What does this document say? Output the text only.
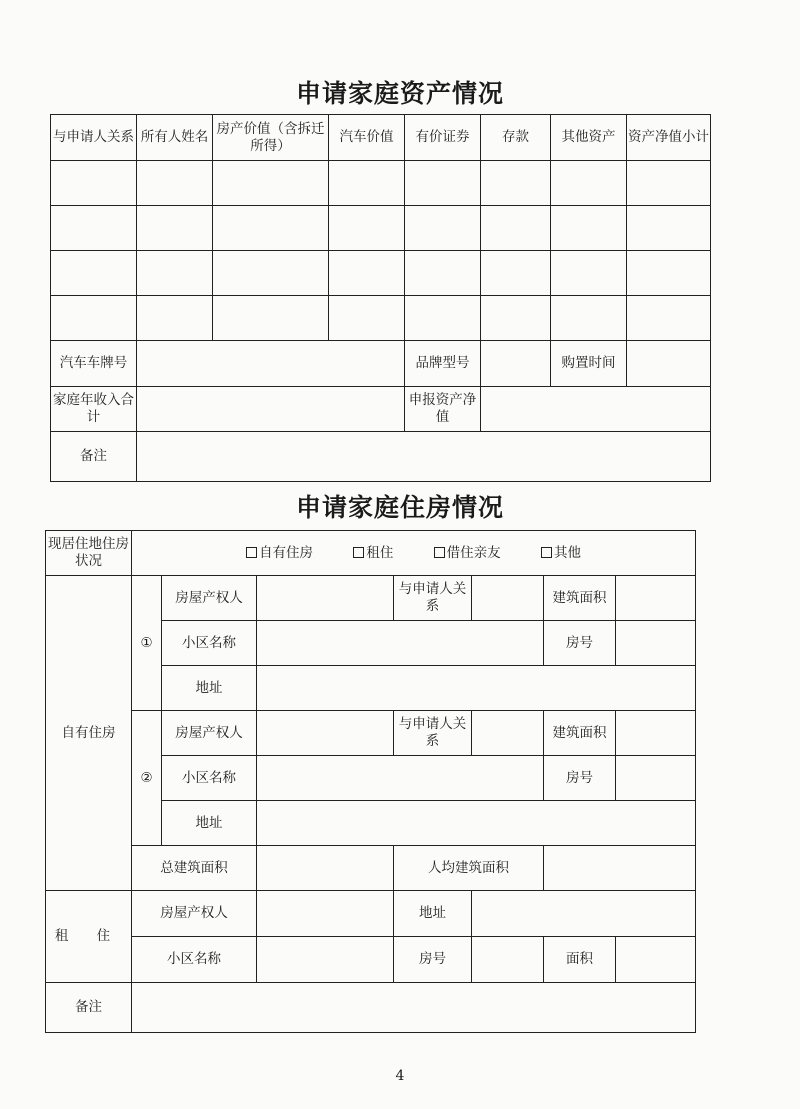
申请家庭资产情况
与申请人关系	所有人姓名	房产价值（含拆迁所得）	汽车价值	有价证券	存款	其他资产	资产净值小计

汽车车牌号				品牌型号		购置时间	
家庭年收入合计				申报资产净值			
备注							
申请家庭住房情况
现居住地住房状况	自有住房 租住 借住亲友 其他						
自有住房	①	房屋产权人		与申请人关系		建筑面积	
		小区名称				房号	
		地址					
	②	房屋产权人		与申请人关系		建筑面积	
		小区名称				房号	
		地址					
	总建筑面积			人均建筑面积			
租 住	房屋产权人			地址			
	小区名称			房号		面积	
备注							
4
